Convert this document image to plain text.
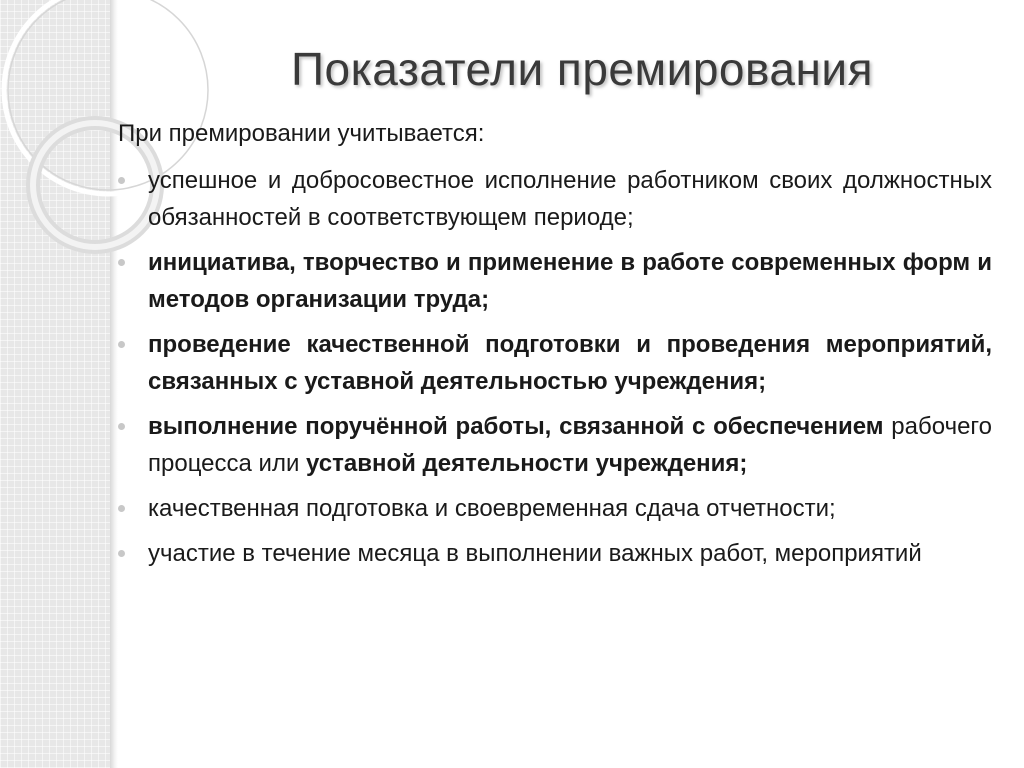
Показатели премирования

При премировании учитывается:

успешное и добросовестное исполнение работником своих должностных обязанностей в соответствующем периоде;
инициатива, творчество и применение в работе современных форм и методов организации труда;
проведение качественной подготовки и проведения мероприятий, связанных с уставной деятельностью учреждения;
выполнение поручённой работы, связанной с обеспечением рабочего процесса или уставной деятельности учреждения;
качественная подготовка и своевременная сдача отчетности;
участие в течение месяца в выполнении важных работ, мероприятий
